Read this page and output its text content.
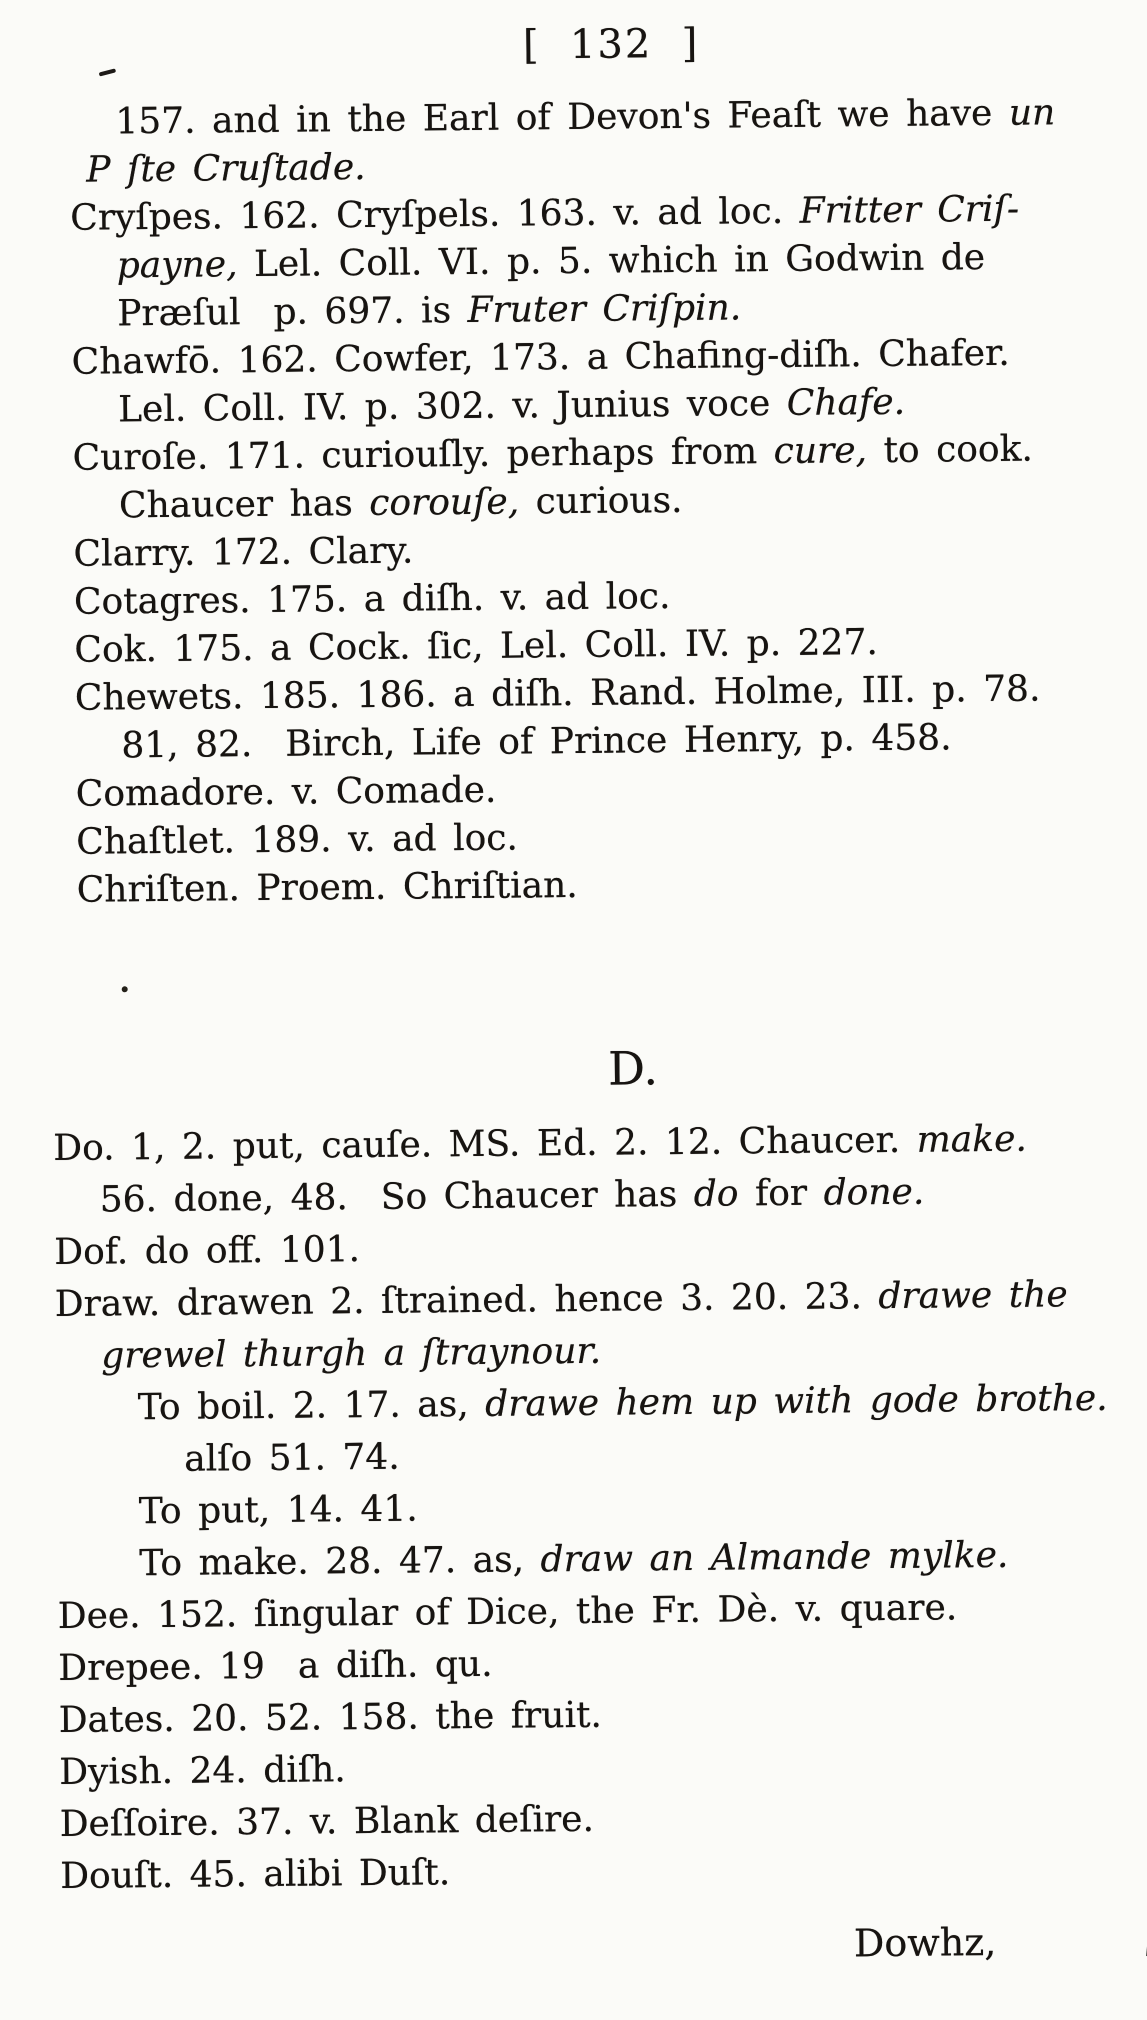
[  132  ]
157. and in the Earl of Devon's Feaſt we have un
P ſte Cruſtade.
Cryſpes. 162. Cryſpels. 163. v. ad loc. Fritter Criſ-
payne, Lel. Coll. VI. p. 5. which in Godwin de
Præſul  p. 697. is Fruter Criſpin.
Chawfō. 162. Cowfer, 173. a Chafing-diſh. Chafer.
Lel. Coll. IV. p. 302. v. Junius voce Chafe.
Curoſe. 171. curiouſly. perhaps from cure, to cook.
Chaucer has corouſe, curious.
Clarry. 172. Clary.
Cotagres. 175. a diſh. v. ad loc.
Cok. 175. a Cock. ſic, Lel. Coll. IV. p. 227.
Chewets. 185. 186. a diſh. Rand. Holme, III. p. 78.
81, 82.  Birch, Life of Prince Henry, p. 458.
Comadore. v. Comade.
Chaſtlet. 189. v. ad loc.
Chriſten. Proem. Chriſtian.
D.
Do. 1, 2. put, cauſe. MS. Ed. 2. 12. Chaucer. make.
56. done, 48.  So Chaucer has do for done.
Dof. do off. 101.
Draw. drawen 2. ſtrained. hence 3. 20. 23. drawe the
grewel thurgh a ſtraynour.
To boil. 2. 17. as, drawe hem up with gode brothe.
alſo 51. 74.
To put, 14. 41.
To make. 28. 47. as, draw an Almande mylke.
Dee. 152. ſingular of Dice, the Fr. Dè. v. quare.
Drepee. 19  a diſh. qu.
Dates. 20. 52. 158. the fruit.
Dyish. 24. diſh.
Deſſoire. 37. v. Blank deſire.
Douſt. 45. alibi Duſt.
Dowhz,
